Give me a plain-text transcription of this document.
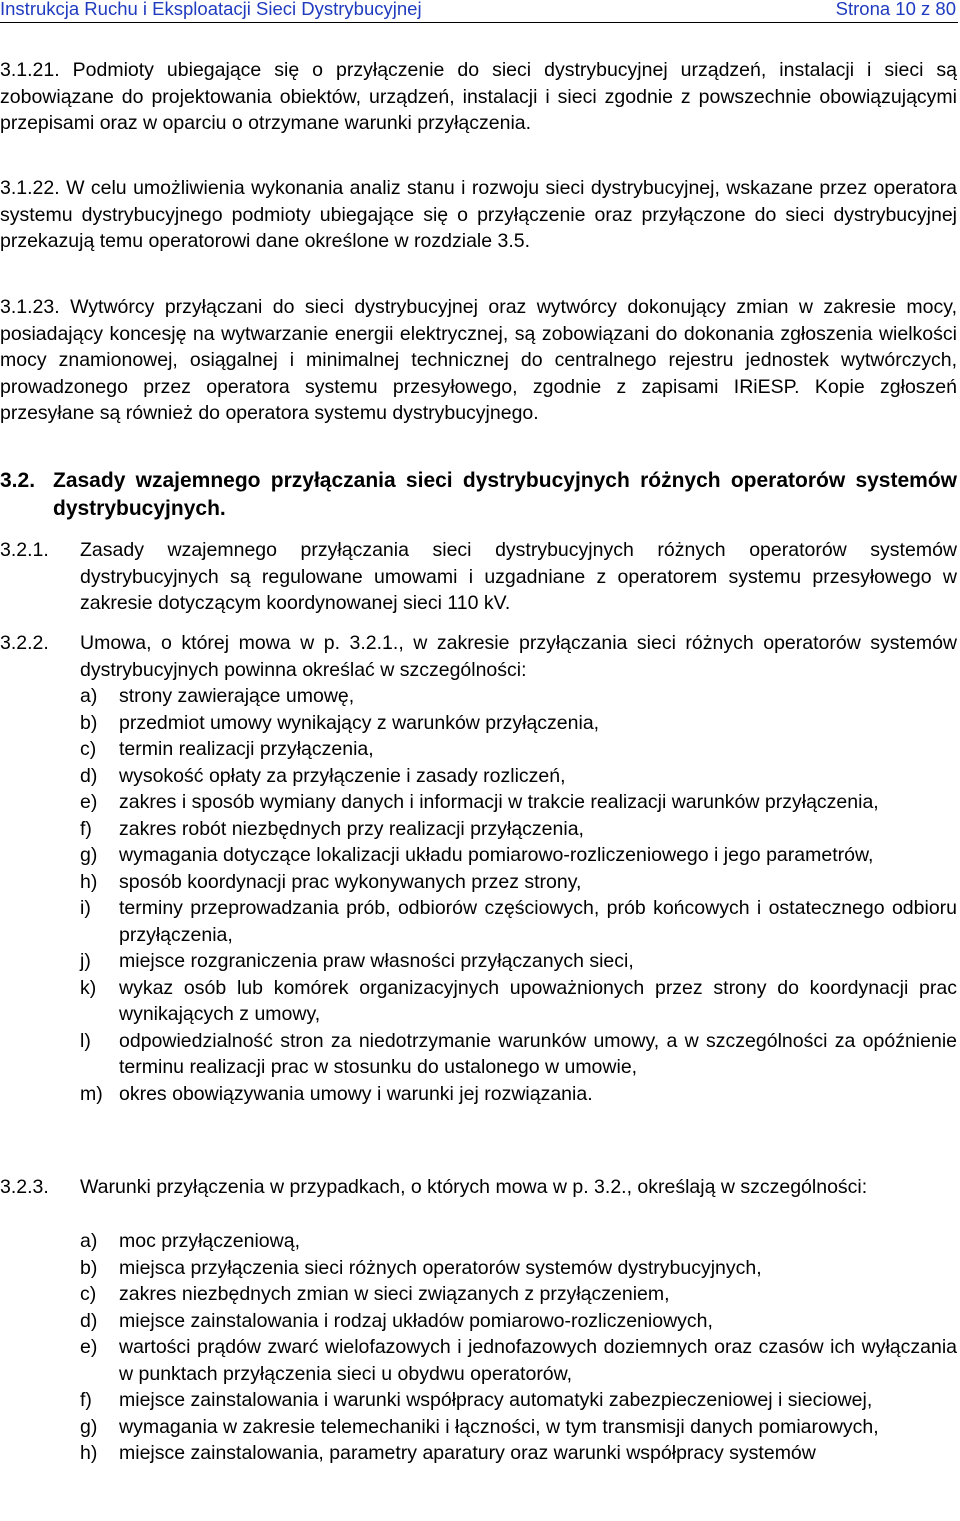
Instrukcja Ruchu i Eksploatacji Sieci Dystrybucyjnej	Strona 10 z 80
3.1.21. Podmioty ubiegające się o przyłączenie do sieci dystrybucyjnej urządzeń, instalacji i sieci są zobowiązane do projektowania obiektów, urządzeń, instalacji i sieci zgodnie z powszechnie obowiązującymi przepisami oraz w oparciu o otrzymane warunki przyłączenia.
3.1.22. W celu umożliwienia wykonania analiz stanu i rozwoju sieci dystrybucyjnej, wskazane przez operatora systemu dystrybucyjnego podmioty ubiegające się o przyłączenie oraz przyłączone do sieci dystrybucyjnej przekazują temu operatorowi dane określone w rozdziale 3.5.
3.1.23. Wytwórcy przyłączani do sieci dystrybucyjnej oraz wytwórcy dokonujący zmian w zakresie mocy, posiadający koncesję na wytwarzanie energii elektrycznej, są zobowiązani do dokonania zgłoszenia wielkości mocy znamionowej, osiągalnej i minimalnej technicznej do centralnego rejestru jednostek wytwórczych, prowadzonego przez operatora systemu przesyłowego, zgodnie z zapisami IRiESP. Kopie zgłoszeń przesyłane są również do operatora systemu dystrybucyjnego.
3.2. Zasady wzajemnego przyłączania sieci dystrybucyjnych różnych operatorów systemów dystrybucyjnych.
3.2.1.	Zasady wzajemnego przyłączania sieci dystrybucyjnych różnych operatorów systemów dystrybucyjnych są regulowane umowami i uzgadniane z operatorem systemu przesyłowego w zakresie dotyczącym koordynowanej sieci 110 kV.
3.2.2.	Umowa, o której mowa w p. 3.2.1., w zakresie przyłączania sieci różnych operatorów systemów dystrybucyjnych powinna określać w szczególności:
a) strony zawierające umowę,
b) przedmiot umowy wynikający z warunków przyłączenia,
c) termin realizacji przyłączenia,
d) wysokość opłaty za przyłączenie i zasady rozliczeń,
e) zakres i sposób wymiany danych i informacji w trakcie realizacji warunków przyłączenia,
f) zakres robót niezbędnych przy realizacji przyłączenia,
g) wymagania dotyczące lokalizacji układu pomiarowo-rozliczeniowego i jego parametrów,
h) sposób koordynacji prac wykonywanych przez strony,
i) terminy przeprowadzania prób, odbiorów częściowych, prób końcowych i ostatecznego odbioru przyłączenia,
j) miejsce rozgraniczenia praw własności przyłączanych sieci,
k) wykaz osób lub komórek organizacyjnych upoważnionych przez strony do koordynacji prac wynikających z umowy,
l) odpowiedzialność stron za niedotrzymanie warunków umowy, a w szczególności za opóźnienie terminu realizacji prac w stosunku do ustalonego w umowie,
m) okres obowiązywania umowy i warunki jej rozwiązania.
3.2.3.	Warunki przyłączenia w przypadkach, o których mowa w p. 3.2., określają w szczególności:
a) moc przyłączeniową,
b) miejsca przyłączenia sieci różnych operatorów systemów dystrybucyjnych,
c) zakres niezbędnych zmian w sieci związanych z przyłączeniem,
d) miejsce zainstalowania i rodzaj układów pomiarowo-rozliczeniowych,
e) wartości prądów zwarć wielofazowych i jednofazowych doziemnych oraz czasów ich wyłączania w punktach przyłączenia sieci u obydwu operatorów,
f) miejsce zainstalowania i warunki współpracy automatyki zabezpieczeniowej i sieciowej,
g) wymagania w zakresie telemechaniki i łączności, w tym transmisji danych pomiarowych,
h) miejsce zainstalowania, parametry aparatury oraz warunki współpracy systemów
